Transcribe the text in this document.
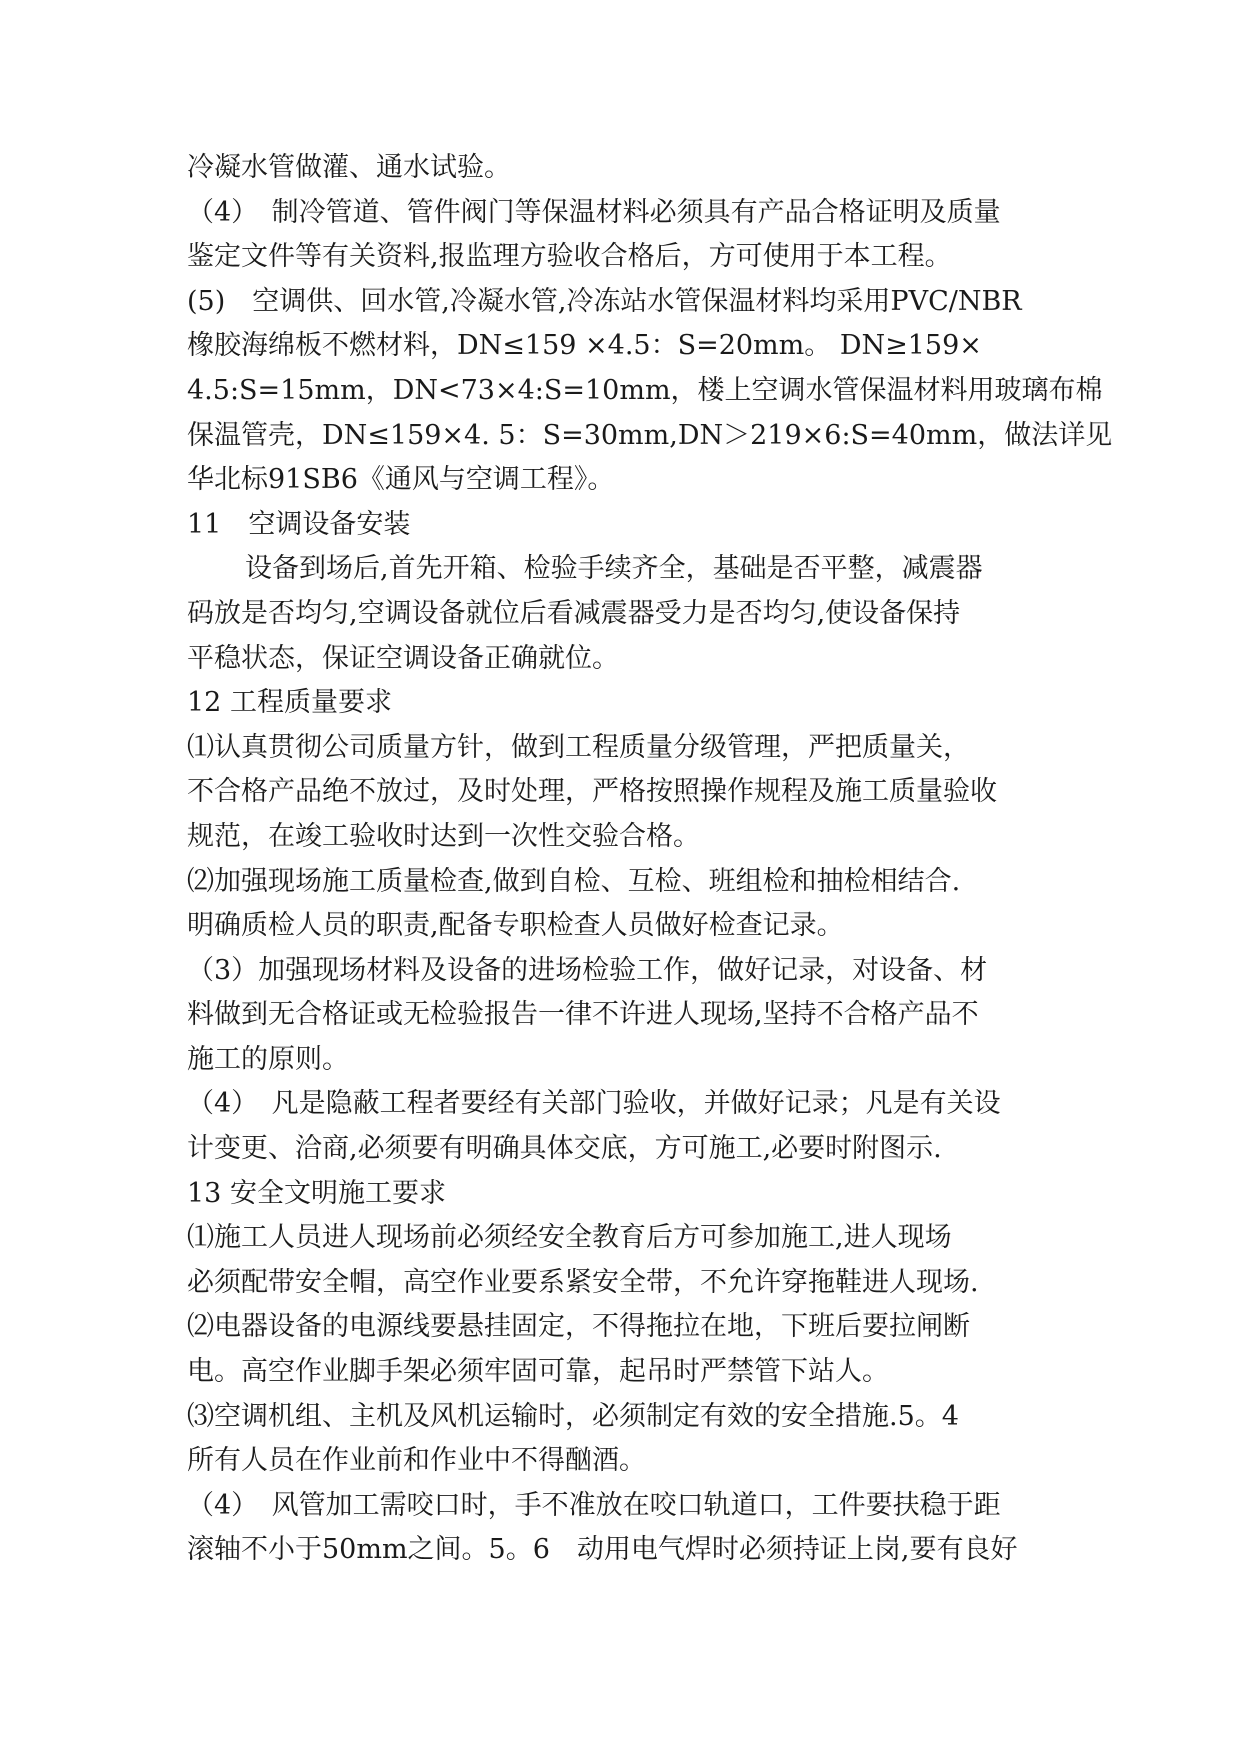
冷凝水管做灌、通水试验。
（4）　制冷管道、管件阀门等保温材料必须具有产品合格证明及质量
鉴定文件等有关资料,报监理方验收合格后，方可使用于本工程。
(5)　空调供、回水管,冷凝水管,冷冻站水管保温材料均采用PVC/NBR
橡胶海绵板不燃材料，DN≤159 ×4.5：S=20mm。 DN≥159×
4.5:S=15mm，DN<73×4:S=10mm，楼上空调水管保温材料用玻璃布棉
保温管壳，DN≤159×4. 5：S=30mm,DN＞219×6:S=40mm，做法详见
华北标91SB6《通风与空调工程》。
11　空调设备安装
设备到场后,首先开箱、检验手续齐全，基础是否平整，减震器
码放是否均匀,空调设备就位后看减震器受力是否均匀,使设备保持
平稳状态，保证空调设备正确就位。
12 工程质量要求
⑴认真贯彻公司质量方针，做到工程质量分级管理，严把质量关，
不合格产品绝不放过，及时处理，严格按照操作规程及施工质量验收
规范，在竣工验收时达到一次性交验合格。
⑵加强现场施工质量检查,做到自检、互检、班组检和抽检相结合.
明确质检人员的职责,配备专职检查人员做好检查记录。
（3）加强现场材料及设备的进场检验工作，做好记录，对设备、材
料做到无合格证或无检验报告一律不许进人现场,坚持不合格产品不
施工的原则。
（4）　凡是隐蔽工程者要经有关部门验收，并做好记录；凡是有关设
计变更、洽商,必须要有明确具体交底，方可施工,必要时附图示.
13 安全文明施工要求
⑴施工人员进人现场前必须经安全教育后方可参加施工,进人现场
必须配带安全帽，高空作业要系紧安全带，不允许穿拖鞋进人现场.
⑵电器设备的电源线要悬挂固定，不得拖拉在地，下班后要拉闸断
电。高空作业脚手架必须牢固可靠，起吊时严禁管下站人。
⑶空调机组、主机及风机运输时，必须制定有效的安全措施.5。4
所有人员在作业前和作业中不得酗酒。
（4）　风管加工需咬口时，手不准放在咬口轨道口，工件要扶稳于距
滚轴不小于50mm之间。5。6　动用电气焊时必须持证上岗,要有良好
